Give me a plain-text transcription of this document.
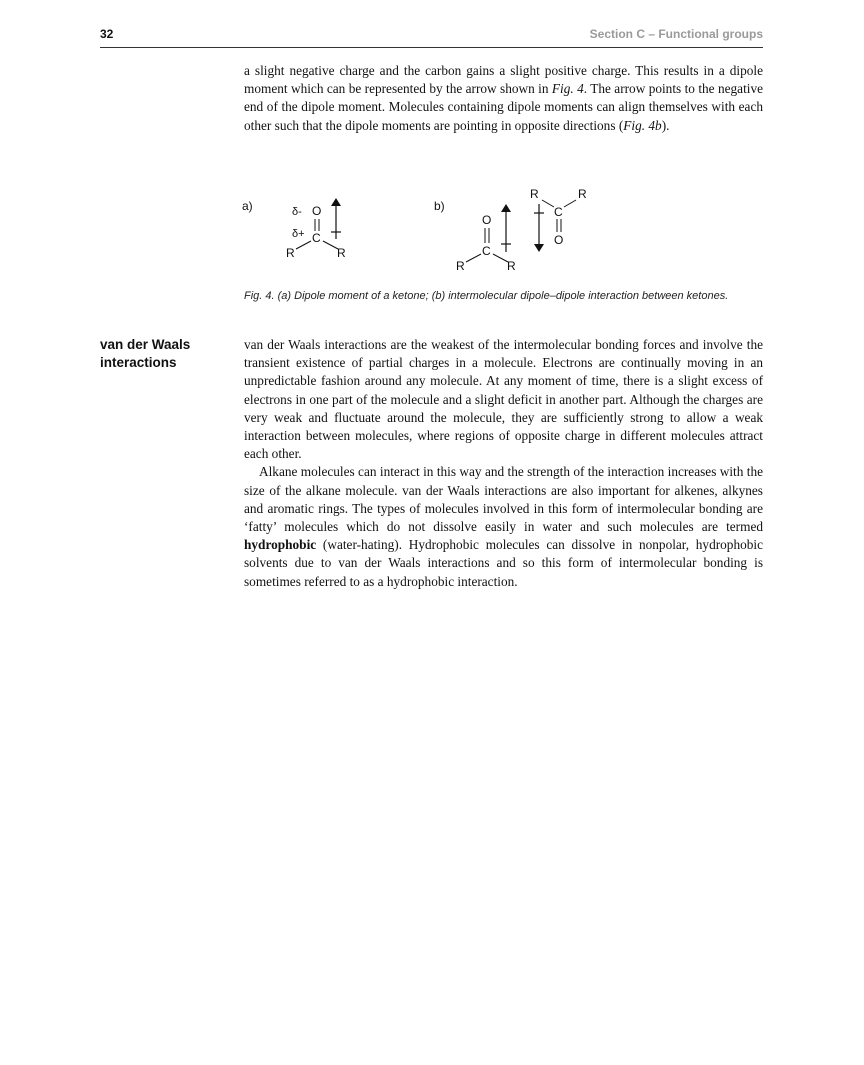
32	Section C – Functional groups

a slight negative charge and the carbon gains a slight positive charge. This results in a dipole moment which can be represented by the arrow shown in Fig. 4. The arrow points to the negative end of the dipole moment. Molecules containing dipole moments can align themselves with each other such that the dipole moments are pointing in opposite directions (Fig. 4b).

a)	δ- O
δ+ C
R	R
b)
O
C
R	R
R	R
C
O
Fig. 4. (a) Dipole moment of a ketone; (b) intermolecular dipole–dipole interaction between ketones.
van der Waals
interactions

van der Waals interactions are the weakest of the intermolecular bonding forces and involve the transient existence of partial charges in a molecule. Electrons are continually moving in an unpredictable fashion around any molecule. At any moment of time, there is a slight excess of electrons in one part of the molecule and a slight deficit in another part. Although the charges are very weak and fluctuate around the molecule, they are sufficiently strong to allow a weak interaction between molecules, where regions of opposite charge in different molecules attract each other.

Alkane molecules can interact in this way and the strength of the interaction increases with the size of the alkane molecule. van der Waals interactions are also important for alkenes, alkynes and aromatic rings. The types of molecules involved in this form of intermolecular bonding are ‘fatty’ molecules which do not dissolve easily in water and such molecules are termed hydrophobic (water-hating). Hydrophobic molecules can dissolve in nonpolar, hydrophobic solvents due to van der Waals interactions and so this form of intermolecular bonding is sometimes referred to as a hydrophobic interaction.
